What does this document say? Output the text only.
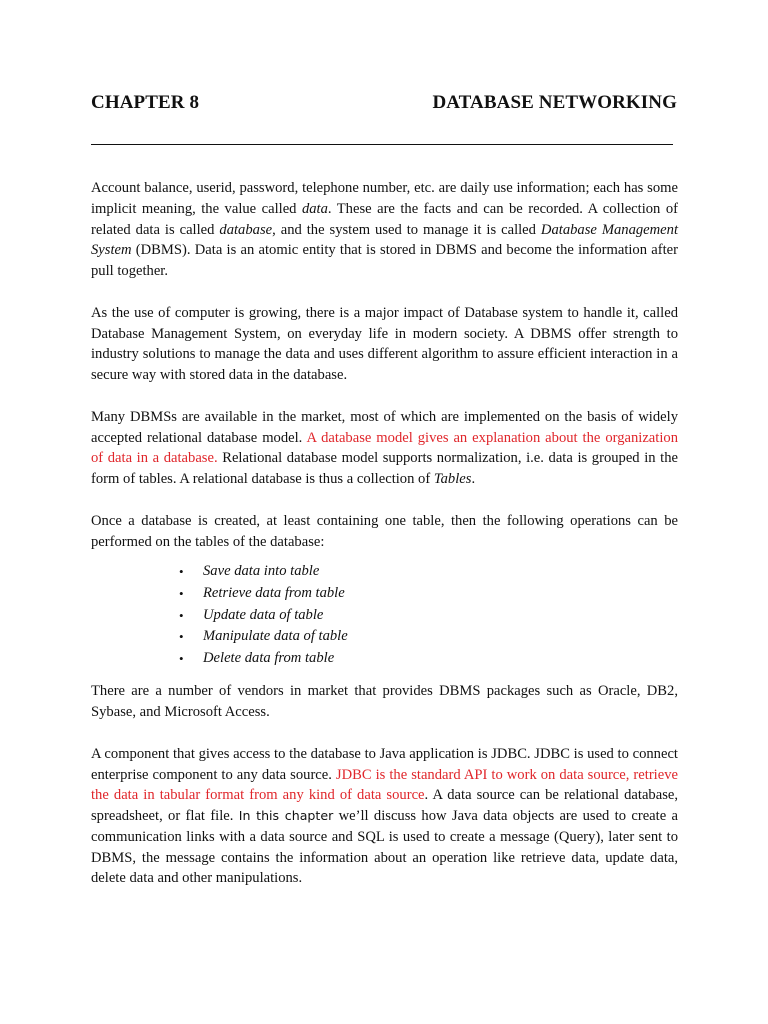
CHAPTER 8	DATABASE NETWORKING

Account balance, userid, password, telephone number, etc. are daily use information; each has some implicit meaning, the value called data. These are the facts and can be recorded. A collection of related data is called database, and the system used to manage it is called Database Management System (DBMS). Data is an atomic entity that is stored in DBMS and become the information after pull together.

As the use of computer is growing, there is a major impact of Database system to handle it, called Database Management System, on everyday life in modern society. A DBMS offer strength to industry solutions to manage the data and uses different algorithm to assure efficient interaction in a secure way with stored data in the database.

Many DBMSs are available in the market, most of which are implemented on the basis of widely accepted relational database model. A database model gives an explanation about the organization of data in a database. Relational database model supports normalization, i.e. data is grouped in the form of tables. A relational database is thus a collection of Tables.

Once a database is created, at least containing one table, then the following operations can be performed on the tables of the database:

• Save data into table
• Retrieve data from table
• Update data of table
• Manipulate data of table
• Delete data from table

There are a number of vendors in market that provides DBMS packages such as Oracle, DB2, Sybase, and Microsoft Access.

A component that gives access to the database to Java application is JDBC. JDBC is used to connect enterprise component to any data source. JDBC is the standard API to work on data source, retrieve the data in tabular format from any kind of data source. A data source can be relational database, spreadsheet, or flat file. In this chapter we’ll discuss how Java data objects are used to create a communication links with a data source and SQL is used to create a message (Query), later sent to DBMS, the message contains the information about an operation like retrieve data, update data, delete data and other manipulations.
